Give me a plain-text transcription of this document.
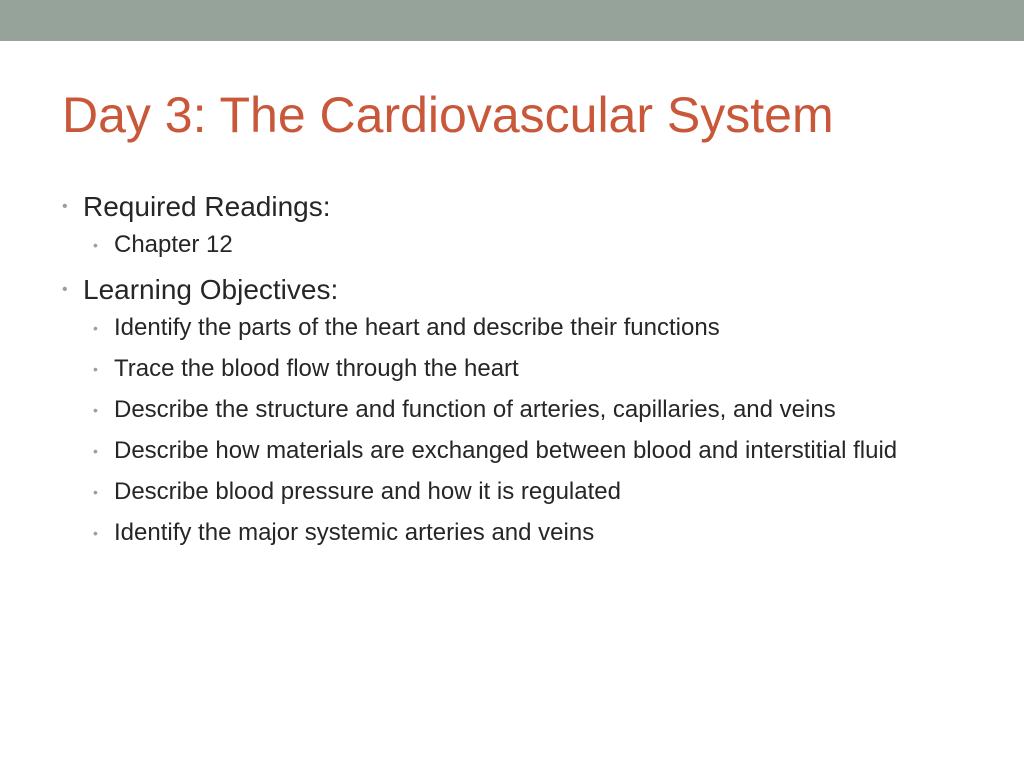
Day 3: The Cardiovascular System
• Required Readings:
• Chapter 12
• Learning Objectives:
• Identify the parts of the heart and describe their functions
• Trace the blood flow through the heart
• Describe the structure and function of arteries, capillaries, and veins
• Describe how materials are exchanged between blood and interstitial fluid
• Describe blood pressure and how it is regulated
• Identify the major systemic arteries and veins
